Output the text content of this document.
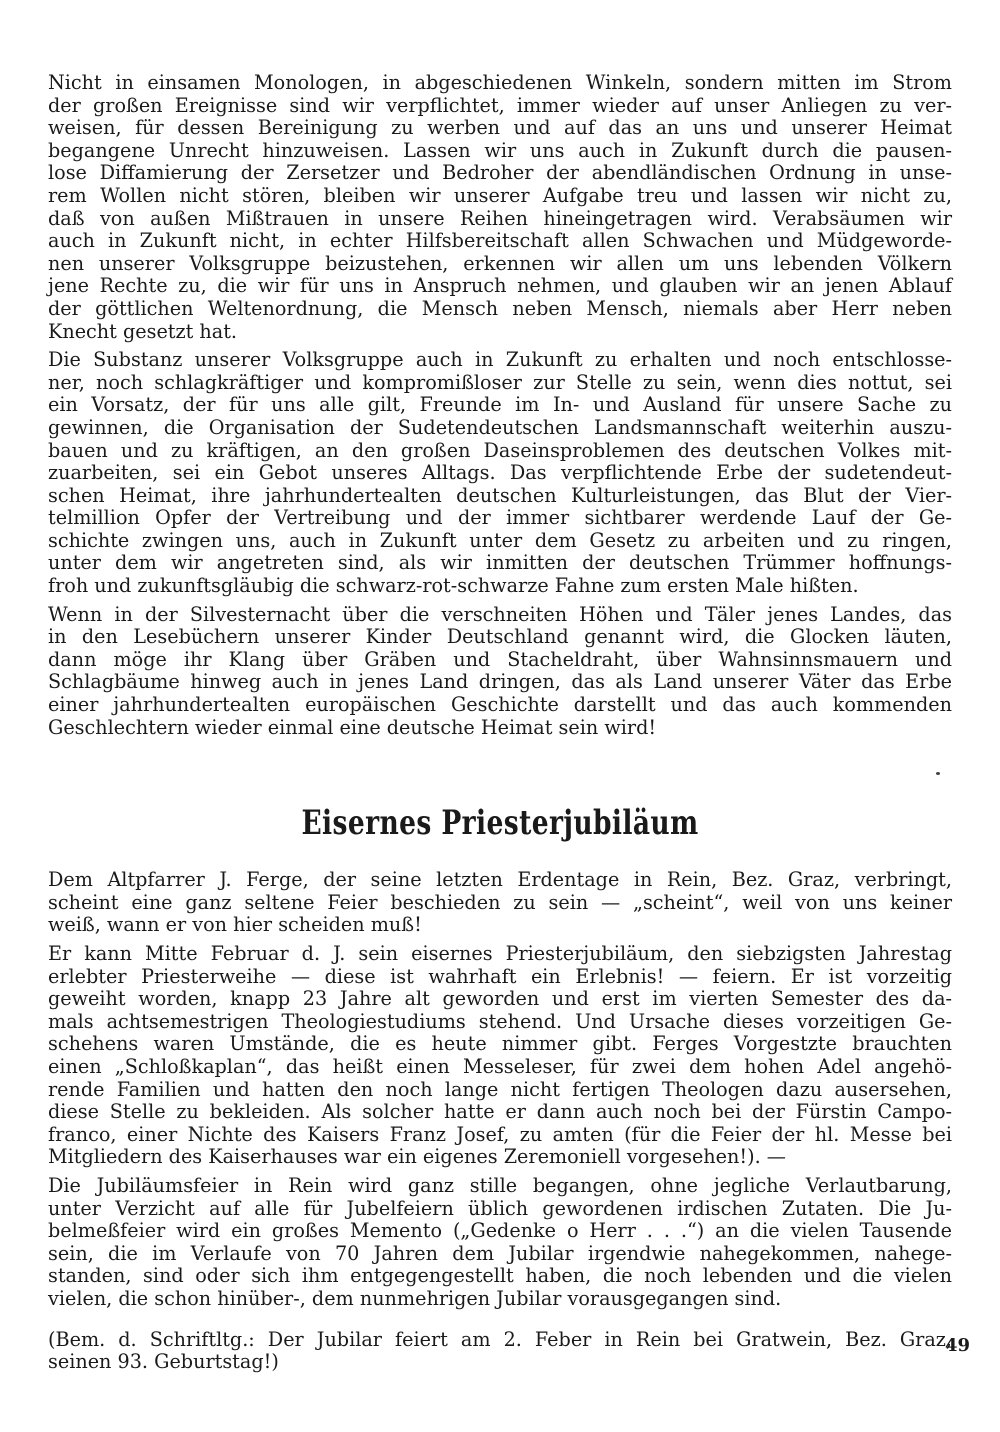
Nicht in einsamen Monologen, in abgeschiedenen Winkeln, sondern mitten im Strom
der großen Ereignisse sind wir verpflichtet, immer wieder auf unser Anliegen zu ver-
weisen, für dessen Bereinigung zu werben und auf das an uns und unserer Heimat
begangene Unrecht hinzuweisen. Lassen wir uns auch in Zukunft durch die pausen-
lose Diffamierung der Zersetzer und Bedroher der abendländischen Ordnung in unse-
rem Wollen nicht stören, bleiben wir unserer Aufgabe treu und lassen wir nicht zu,
daß von außen Mißtrauen in unsere Reihen hineingetragen wird. Verabsäumen wir
auch in Zukunft nicht, in echter Hilfsbereitschaft allen Schwachen und Müdgeworde-
nen unserer Volksgruppe beizustehen, erkennen wir allen um uns lebenden Völkern
jene Rechte zu, die wir für uns in Anspruch nehmen, und glauben wir an jenen Ablauf
der göttlichen Weltenordnung, die Mensch neben Mensch, niemals aber Herr neben
Knecht gesetzt hat.

Die Substanz unserer Volksgruppe auch in Zukunft zu erhalten und noch entschlosse-
ner, noch schlagkräftiger und kompromißloser zur Stelle zu sein, wenn dies nottut, sei
ein Vorsatz, der für uns alle gilt, Freunde im In- und Ausland für unsere Sache zu
gewinnen, die Organisation der Sudetendeutschen Landsmannschaft weiterhin auszu-
bauen und zu kräftigen, an den großen Daseinsproblemen des deutschen Volkes mit-
zuarbeiten, sei ein Gebot unseres Alltags. Das verpflichtende Erbe der sudetendeut-
schen Heimat, ihre jahrhundertealten deutschen Kulturleistungen, das Blut der Vier-
telmillion Opfer der Vertreibung und der immer sichtbarer werdende Lauf der Ge-
schichte zwingen uns, auch in Zukunft unter dem Gesetz zu arbeiten und zu ringen,
unter dem wir angetreten sind, als wir inmitten der deutschen Trümmer hoffnungs-
froh und zukunftsgläubig die schwarz-rot-schwarze Fahne zum ersten Male hißten.

Wenn in der Silvesternacht über die verschneiten Höhen und Täler jenes Landes, das
in den Lesebüchern unserer Kinder Deutschland genannt wird, die Glocken läuten,
dann möge ihr Klang über Gräben und Stacheldraht, über Wahnsinnsmauern und
Schlagbäume hinweg auch in jenes Land dringen, das als Land unserer Väter das Erbe
einer jahrhundertealten europäischen Geschichte darstellt und das auch kommenden
Geschlechtern wieder einmal eine deutsche Heimat sein wird!

Eisernes Priesterjubiläum

Dem Altpfarrer J. Ferge, der seine letzten Erdentage in Rein, Bez. Graz, verbringt,
scheint eine ganz seltene Feier beschieden zu sein — „scheint“, weil von uns keiner
weiß, wann er von hier scheiden muß!

Er kann Mitte Februar d. J. sein eisernes Priesterjubiläum, den siebzigsten Jahrestag
erlebter Priesterweihe — diese ist wahrhaft ein Erlebnis! — feiern. Er ist vorzeitig
geweiht worden, knapp 23 Jahre alt geworden und erst im vierten Semester des da-
mals achtsemestrigen Theologiestudiums stehend. Und Ursache dieses vorzeitigen Ge-
schehens waren Umstände, die es heute nimmer gibt. Ferges Vorgestzte brauchten
einen „Schloßkaplan“, das heißt einen Messeleser, für zwei dem hohen Adel angehö-
rende Familien und hatten den noch lange nicht fertigen Theologen dazu ausersehen,
diese Stelle zu bekleiden. Als solcher hatte er dann auch noch bei der Fürstin Campo-
franco, einer Nichte des Kaisers Franz Josef, zu amten (für die Feier der hl. Messe bei
Mitgliedern des Kaiserhauses war ein eigenes Zeremoniell vorgesehen!). —

Die Jubiläumsfeier in Rein wird ganz stille begangen, ohne jegliche Verlautbarung,
unter Verzicht auf alle für Jubelfeiern üblich gewordenen irdischen Zutaten. Die Ju-
belmeßfeier wird ein großes Memento („Gedenke o Herr . . .“) an die vielen Tausende
sein, die im Verlaufe von 70 Jahren dem Jubilar irgendwie nahegekommen, nahege-
standen, sind oder sich ihm entgegengestellt haben, die noch lebenden und die vielen
vielen, die schon hinüber-, dem nunmehrigen Jubilar vorausgegangen sind.

(Bem. d. Schriftltg.: Der Jubilar feiert am 2. Feber in Rein bei Gratwein, Bez. Graz,
seinen 93. Geburtstag!)

49
